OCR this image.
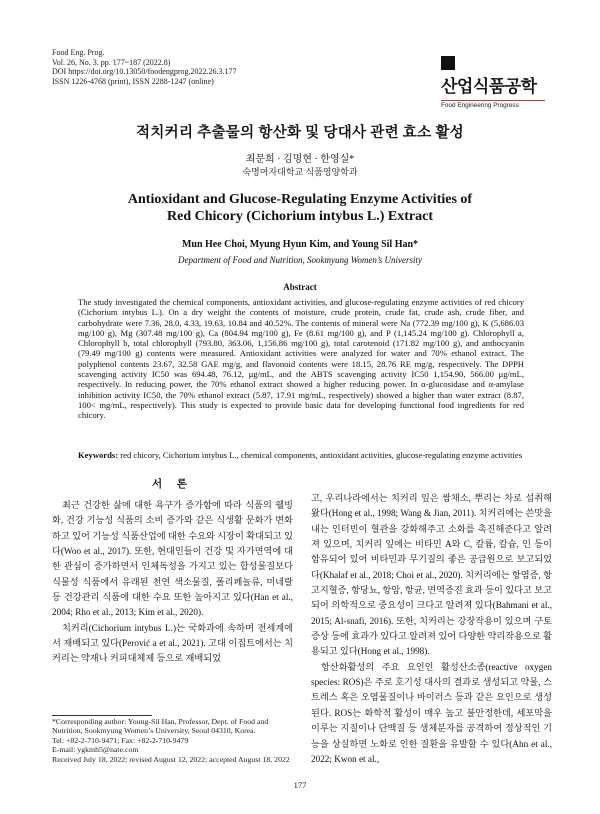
Food Eng. Prog.
Vol. 26, No. 3. pp. 177~187 (2022.8)
DOI https://doi.org/10.13050/foodengprog.2022.26.3.177
ISSN 1226-4768 (print), ISSN 2288-1247 (online)	산업식품공학
Food Engineering Progress
적치커리 추출물의 항산화 및 당대사 관련 효소 활성
최문희 · 김명현 · 한영실*
숙명여자대학교 식품영양학과
Antioxidant and Glucose-Regulating Enzyme Activities of
Red Chicory (Cichorium intybus L.) Extract
Mun Hee Choi, Myung Hyun Kim, and Young Sil Han*
Department of Food and Nutrition, Sookmyung Women’s University
Abstract
The study investigated the chemical components, antioxidant activities, and glucose-regulating enzyme activities of red chicory (Cichorium intybus L.). On a dry weight the contents of moisture, crude protein, crude fat, crude ash, crude fiber, and carbohydrate were 7.36, 28.0, 4.33, 19.63, 10.84 and 40.52%. The contents of mineral were Na (772.39 mg/100 g), K (5,686.03 mg/100 g), Mg (307.48 mg/100 g), Ca (804.94 mg/100 g), Fe (8.61 mg/100 g), and P (1,145.24 mg/100 g). Chlorophyll a, Chlorophyll b, total chlorophyll (793.80, 363.06, 1,156.86 mg/100 g), total carotenoid (171.82 mg/100 g), and anthocyanin (79.49 mg/100 g) contents were measured. Antioxidant activities were analyzed for water and 70% ethanol extract. The polyphenol contents 23.67, 32.58 GAE mg/g, and flavonoid contents were 18.15, 28.76 RE mg/g, respectively. The DPPH scavenging activity IC50 was 694.48, 76.12, μg/mL, and the ABTS scavenging activity IC50 1,154.90, 566.00 μg/mL, respectively. In reducing power, the 70% ethanol extract showed a higher reducing power. In α-glucosidase and α-amylase inhibition activity IC50, the 70% ethanol extract (5.87, 17.91 mg/mL, respectively) showed a higher than water extract (8.87, 100< mg/mL, respectively). This study is expected to provide basic data for developing functional food ingredients for red chicory.
Keywords: red chicory, Cichorium intybus L., chemical components, antioxidant activities, glucose-regulating enzyme activities
서 론

최근 건강한 삶에 대한 욕구가 증가함에 따라 식품의 웰빙화, 건강 기능성 식품의 소비 증가와 같은 식생활 문화가 변화하고 있어 기능성 식품산업에 대한 수요와 시장이 확대되고 있다(Woo et al., 2017). 또한, 현대인들이 건강 및 자가면역에 대한 관심이 증가하면서 인체독성을 가지고 있는 합성물질보다 식물성 식품에서 유래된 천연 색소물질, 폴리페놀류, 미네랄 등 건강관리 식품에 대한 수요 또한 높아지고 있다(Han et al., 2004; Rho et al., 2013; Kim et al., 2020).

치커리(Cichorium intybus L.)는 국화과에 속하며 전세계에서 재배되고 있다(Perović a et al., 2021). 고대 이집트에서는 치커리는 약재나 커피대체제 등으로 재배되었

고, 우리나라에서는 치커리 잎은 쌈채소, 뿌리는 차로 섭취해왔다(Hong et al., 1998; Wang & Jian, 2011). 치커리에는 쓴맛을 내는 인터빈이 혈관을 강화해주고 소화를 촉진해준다고 알려져 있으며, 치커리 잎에는 비타민 A와 C, 칼륨, 칼슘, 인 등이 함유되어 있어 비타민과 무기질의 좋은 공급원으로 보고되었다(Khalaf et al., 2018; Choi et al., 2020). 치커리에는 항염증, 항고지혈증, 항당뇨, 항암, 항균, 면역증진 효과 등이 있다고 보고되어 의학적으로 중요성이 크다고 알려져 있다(Bahmani et al., 2015; Al-snafi, 2016). 또한, 치커리는 강장작용이 있으며 구토 증상 등에 효과가 있다고 알려져 있어 다양한 약리작용으로 활용되고 있다(Hong et al., 1998).

항산화활성의 주요 요인인 활성산소종(reactive oxygen species: ROS)은 주로 호기성 대사의 결과로 생성되고 약물, 스트레스 혹은 오염물질이나 바이러스 등과 같은 요인으로 생성된다. ROS는 화학적 활성이 매우 높고 불안정한데, 세포막을 이루는 지질이나 단백질 등 생체분자를 공격하여 정상적인 기능을 상실하면 노화로 인한 질환을 유발할 수 있다(Ahn et al., 2022; Kwon et al.,

*Corresponding author: Young-Sil Han, Professor, Dept. of Food and Nutrition, Sookmyung Women’s University, Seoul 04310, Korea.
Tel: +82-2-710-9471; Fax: +82-2-710-9479
E-mail: ygkmh5@nate.com
Received July 18, 2022; revised August 12, 2022; accepted August 18, 2022
177
